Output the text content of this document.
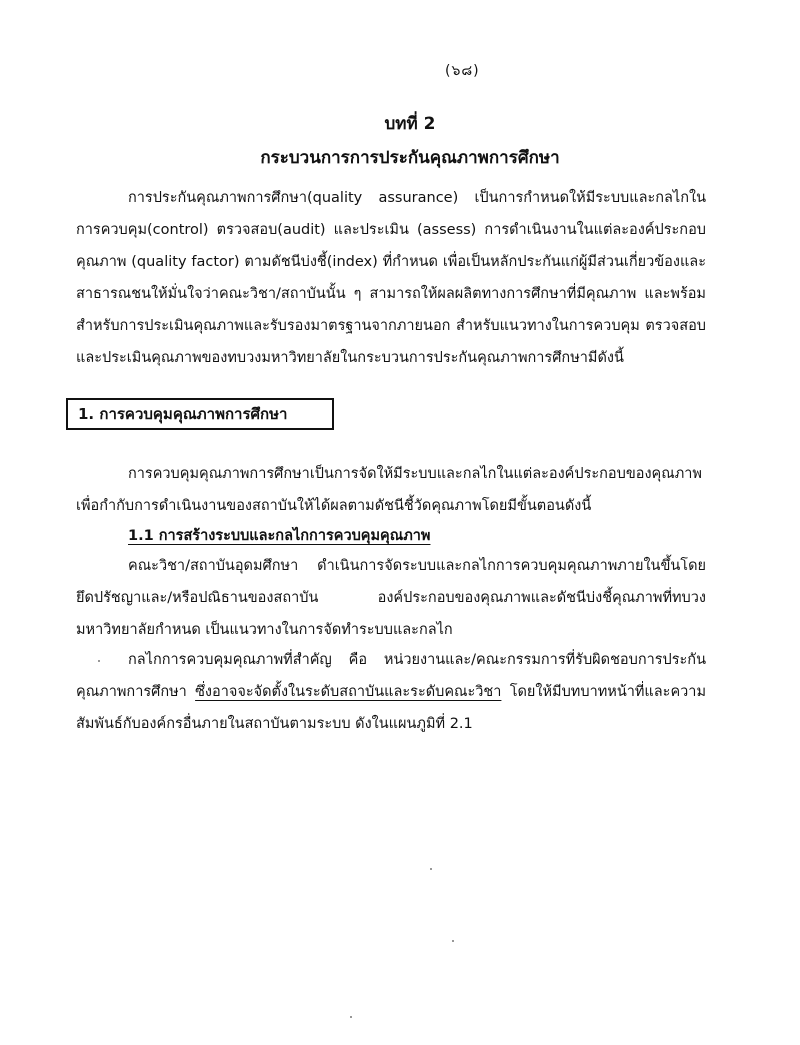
(๖๘)
บทที่ 2
กระบวนการการประกันคุณภาพการศึกษา

การประกันคุณภาพการศึกษา(quality assurance) เป็นการกำหนดให้มีระบบและกลไกในการควบคุม(control) ตรวจสอบ(audit) และประเมิน (assess) การดำเนินงานในแต่ละองค์ประกอบคุณภาพ (quality factor) ตามดัชนีบ่งชี้(index) ที่กำหนด เพื่อเป็นหลักประกันแก่ผู้มีส่วนเกี่ยวข้องและสาธารณชนให้มั่นใจว่าคณะวิชา/สถาบันนั้น ๆ สามารถให้ผลผลิตทางการศึกษาที่มีคุณภาพ และพร้อมสำหรับการประเมินคุณภาพและรับรองมาตรฐานจากภายนอก สำหรับแนวทางในการควบคุม ตรวจสอบและประเมินคุณภาพของทบวงมหาวิทยาลัยในกระบวนการประกันคุณภาพการศึกษามีดังนี้

1. การควบคุมคุณภาพการศึกษา

การควบคุมคุณภาพการศึกษาเป็นการจัดให้มีระบบและกลไกในแต่ละองค์ประกอบของคุณภาพ เพื่อกำกับการดำเนินงานของสถาบันให้ได้ผลตามดัชนีชี้วัดคุณภาพโดยมีขั้นตอนดังนี้

1.1 การสร้างระบบและกลไกการควบคุมคุณภาพ

คณะวิชา/สถาบันอุดมศึกษา ดำเนินการจัดระบบและกลไกการควบคุมคุณภาพภายในขึ้นโดยยึดปรัชญาและ/หรือปณิธานของสถาบัน องค์ประกอบของคุณภาพและดัชนีบ่งชี้คุณภาพที่ทบวงมหาวิทยาลัยกำหนด เป็นแนวทางในการจัดทำระบบและกลไก

กลไกการควบคุมคุณภาพที่สำคัญ คือ หน่วยงานและ/คณะกรรมการที่รับผิดชอบการประกันคุณภาพการศึกษา ซึ่งอาจจะจัดตั้งในระดับสถาบันและระดับคณะวิชา โดยให้มีบทบาทหน้าที่และความสัมพันธ์กับองค์กรอื่นภายในสถาบันตามระบบ ดังในแผนภูมิที่ 2.1
